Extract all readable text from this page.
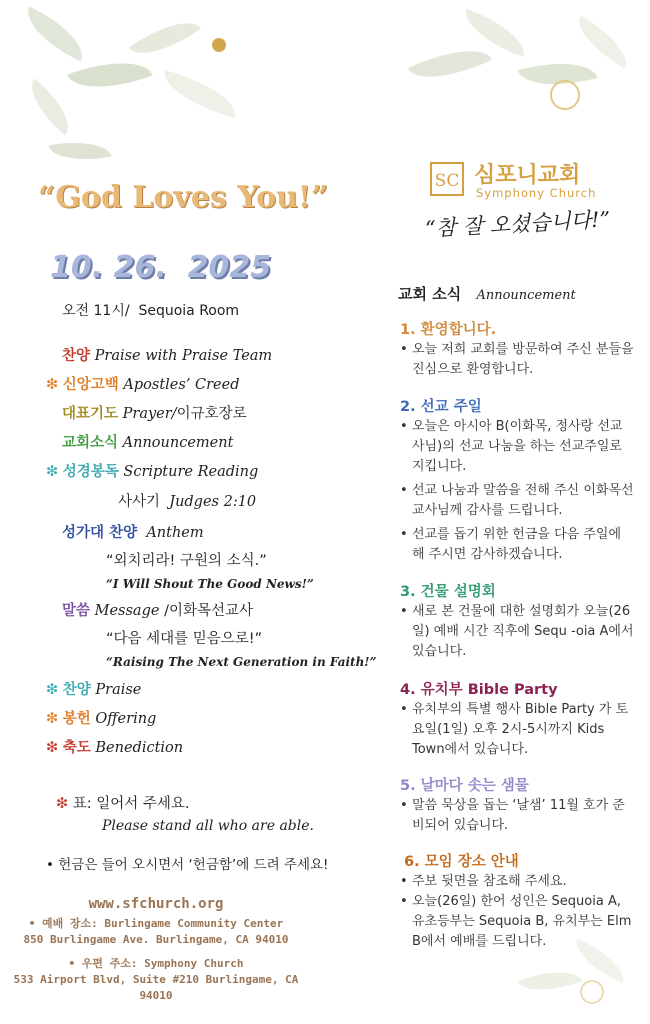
SC 심포니교회
Symphony Church
“참 잘 오셨습니다!”
“God Loves You!”
10. 26.  2025
오전 11시/  Sequoia Room
찬양 Praise with Praise Team
❇ 신앙고백 Apostles’ Creed
대표기도 Prayer/이규호장로
교회소식 Announcement
❇ 성경봉독 Scripture Reading
사사기 Judges 2:10
성가대 찬양 Anthem
“외치리라! 구원의 소식.”
“I Will Shout The Good News!”
말씀 Message /이화목선교사
“다음 세대를 믿음으로!”
“Raising The Next Generation in Faith!”
❇ 찬양 Praise
❇ 봉헌 Offering
❇ 축도 Benediction
❇ 표: 일어서 주세요.
Please stand all who are able.
• 헌금은 들어 오시면서 ‘헌금함’에 드려 주세요!
www.sfchurch.org
• 예배 장소: Burlingame Community Center
850 Burlingame Ave. Burlingame, CA 94010
• 우편 주소: Symphony Church
533 Airport Blvd, Suite #210 Burlingame, CA 94010
교회 소식 Announcement
1. 환영합니다.
• 오늘 저희 교회를 방문하여 주신 분들을 진심으로 환영합니다.
2. 선교 주일
• 오늘은 아시아 B(이화목, 정사랑 선교사님)의 선교 나눔을 하는 선교주일로 지킵니다.
• 선교 나눔과 말씀을 전해 주신 이화목선교사님께 감사를 드립니다.
• 선교를 돕기 위한 헌금을 다음 주일에 해 주시면 감사하겠습니다.
3. 건물 설명회
• 새로 본 건물에 대한 설명회가 오늘(26일) 예배 시간 직후에 Sequ -oia A에서 있습니다.
4. 유치부 Bible Party
• 유치부의 특별 행사 Bible Party 가 토요일(1일) 오후 2시-5시까지 Kids Town에서 있습니다.
5. 날마다 솟는 샘물
• 말씀 묵상을 돕는 ‘날샘’ 11월 호가 준비되어 있습니다.
6. 모임 장소 안내
• 주보 뒷면을 참조해 주세요.
• 오늘(26일) 한어 성인은 Sequoia A, 유초등부는 Sequoia B, 유치부는 Elm B에서 예배를 드립니다.
